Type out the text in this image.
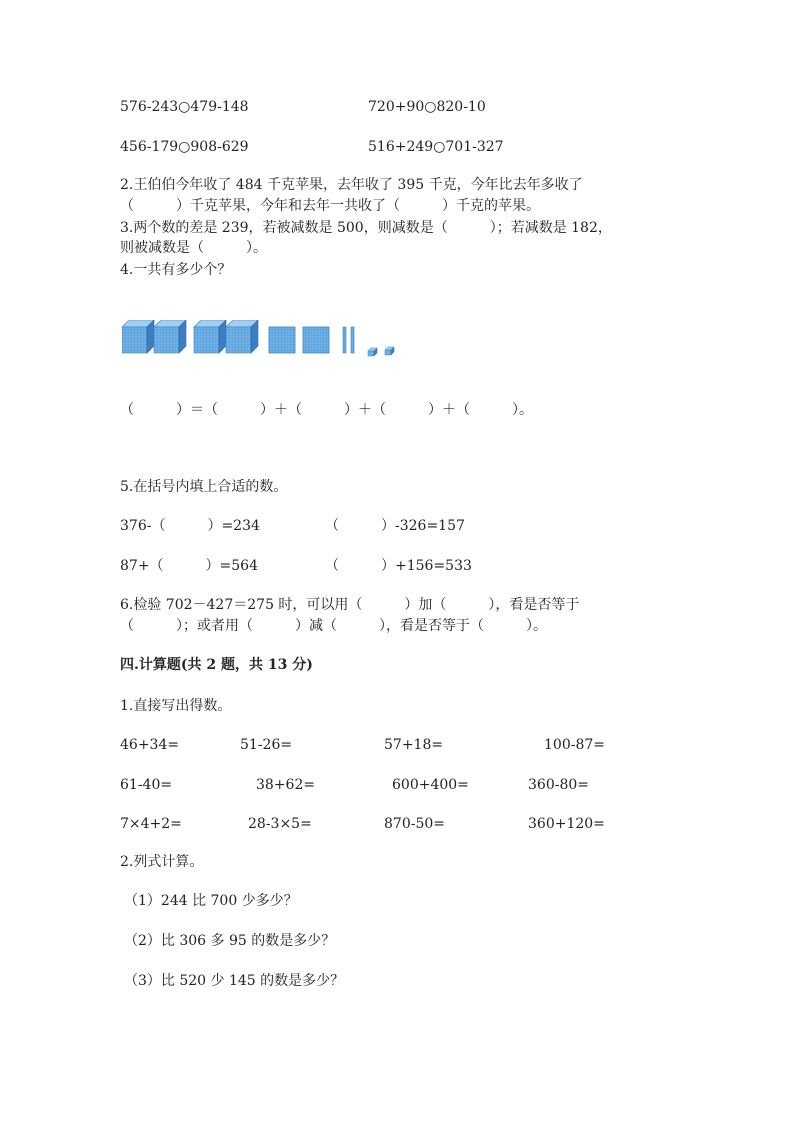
576-243○479-148	720+90○820-10
456-179○908-629	516+249○701-327
2.王伯伯今年收了 484 千克苹果，去年收了 395 千克，今年比去年多收了
（　　　）千克苹果，今年和去年一共收了（　　　）千克的苹果。
3.两个数的差是 239，若被减数是 500，则减数是（　　　）；若减数是 182，
则被减数是（　　　）。
4.一共有多少个？
（　　　）＝（　　　）＋（　　　）＋（　　　）＋（　　　）。
5.在括号内填上合适的数。
376-（　　　）=234	（　　　）-326=157
87+（　　　）=564	（　　　）+156=533
6.检验 702－427＝275 时，可以用（　　　）加（　　　），看是否等于
（　　　）；或者用（　　　）减（　　　），看是否等于（　　　）。
四.计算题(共 2 题，共 13 分)
1.直接写出得数。
46+34=	51-26=	57+18=	100-87=
61-40=	38+62=	600+400=	360-80=
7×4+2=	28-3×5=	870-50=	360+120=
2.列式计算。
（1）244 比 700 少多少？
（2）比 306 多 95 的数是多少？
（3）比 520 少 145 的数是多少？
